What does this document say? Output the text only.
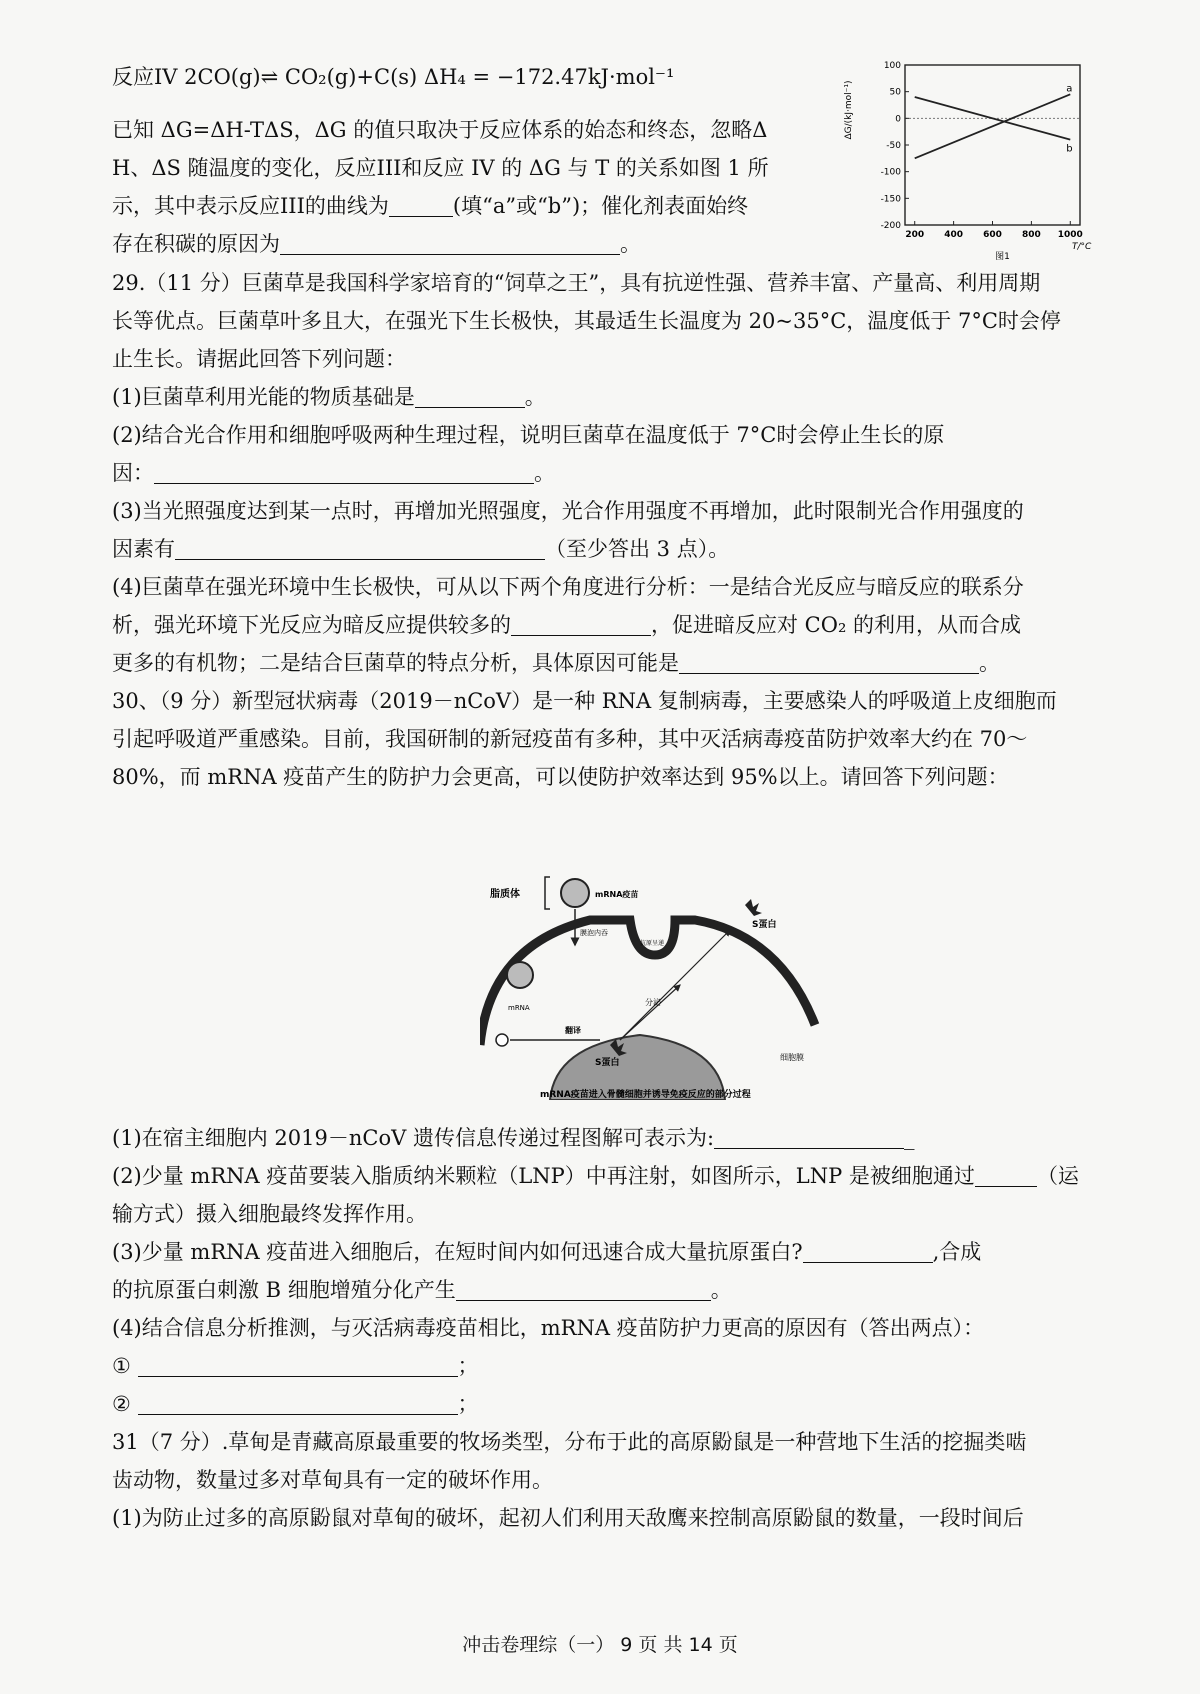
反应IV 2CO(g)⇌ CO₂(g)+C(s) ΔH₄ = −172.47kJ·mol⁻¹
已知 ΔG=ΔH-TΔS，ΔG 的值只取决于反应体系的始态和终态，忽略Δ
H、ΔS 随温度的变化，反应III和反应 IV 的 ΔG 与 T 的关系如图 1 所
示，其中表示反应III的曲线为	(填“a”或“b”)；催化剂表面始终
存在积碳的原因为	。
100
50
0
-50
-100
-150
-200
200 400 600 800 1000
a
b
ΔG/(kJ·mol⁻¹)
T/°C
图1
29.（11 分）巨菌草是我国科学家培育的“饲草之王”，具有抗逆性强、营养丰富、产量高、利用周期
长等优点。巨菌草叶多且大，在强光下生长极快，其最适生长温度为 20~35°C，温度低于 7°C时会停
止生长。请据此回答下列问题：
(1)巨菌草利用光能的物质基础是	。
(2)结合光合作用和细胞呼吸两种生理过程，说明巨菌草在温度低于 7°C时会停止生长的原
因：	。
(3)当光照强度达到某一点时，再增加光照强度，光合作用强度不再增加，此时限制光合作用强度的
因素有	（至少答出 3 点）。
(4)巨菌草在强光环境中生长极快，可从以下两个角度进行分析：一是结合光反应与暗反应的联系分
析，强光环境下光反应为暗反应提供较多的	，促进暗反应对 CO₂ 的利用，从而合成
更多的有机物；二是结合巨菌草的特点分析，具体原因可能是	。
30、（9 分）新型冠状病毒（2019－nCoV）是一种 RNA 复制病毒，主要感染人的呼吸道上皮细胞而
引起呼吸道严重感染。目前，我国研制的新冠疫苗有多种，其中灭活病毒疫苗防护效率大约在 70～
80%，而 mRNA 疫苗产生的防护力会更高，可以使防护效率达到 95%以上。请回答下列问题：
脂质体	mRNA疫苗
膜泡内吞
mRNA
翻译
S蛋白
分泌
抗原呈递
S蛋白
细胞膜
mRNA疫苗进入骨髓细胞并诱导免疫反应的部分过程
(1)在宿主细胞内 2019－nCoV 遗传信息传递过程图解可表示为:	_
(2)少量 mRNA 疫苗要装入脂质纳米颗粒（LNP）中再注射，如图所示，LNP 是被细胞通过	（运
输方式）摄入细胞最终发挥作用。
(3)少量 mRNA 疫苗进入细胞后，在短时间内如何迅速合成大量抗原蛋白?	,合成
的抗原蛋白刺激 B 细胞增殖分化产生	。
(4)结合信息分析推测，与灭活病毒疫苗相比，mRNA 疫苗防护力更高的原因有（答出两点）：
①	；
②	；
31（7 分）.草甸是青藏高原最重要的牧场类型，分布于此的高原鼢鼠是一种营地下生活的挖掘类啮
齿动物，数量过多对草甸具有一定的破坏作用。
(1)为防止过多的高原鼢鼠对草甸的破坏，起初人们利用天敌鹰来控制高原鼢鼠的数量，一段时间后
冲击卷理综（一） 9 页 共 14 页
